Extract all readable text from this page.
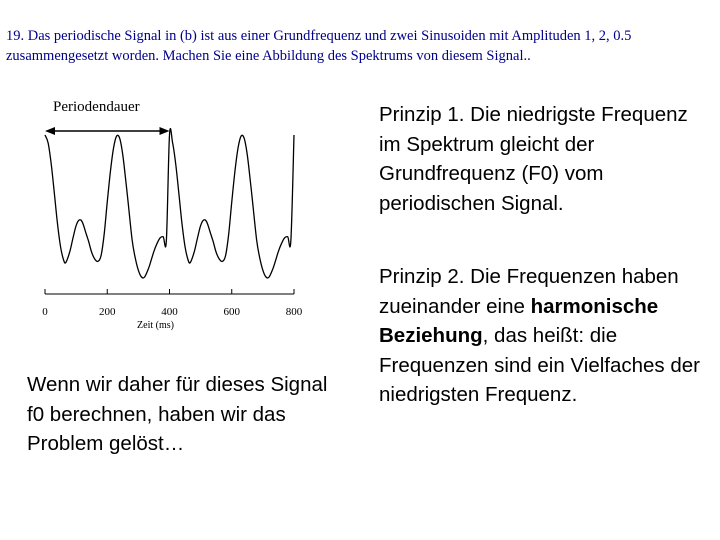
19. Das periodische Signal in (b) ist aus einer Grundfrequenz und zwei Sinusoiden mit Amplituden 1, 2, 0.5 zusammengesetzt worden. Machen Sie eine Abbildung des Spektrums von diesem Signal..

0	200	400	600	800
Zeit (ms)
Periodendauer	Prinzip 1. Die niedrigste Frequenz im Spektrum gleicht der Grundfrequenz (F0) vom periodischen Signal.

Prinzip 2. Die Frequenzen haben zueinander eine harmonische Beziehung, das heißt: die Frequenzen sind ein Vielfaches der niedrigsten Frequenz.

Wenn wir daher für dieses Signal f0 berechnen, haben wir das Problem gelöst…
